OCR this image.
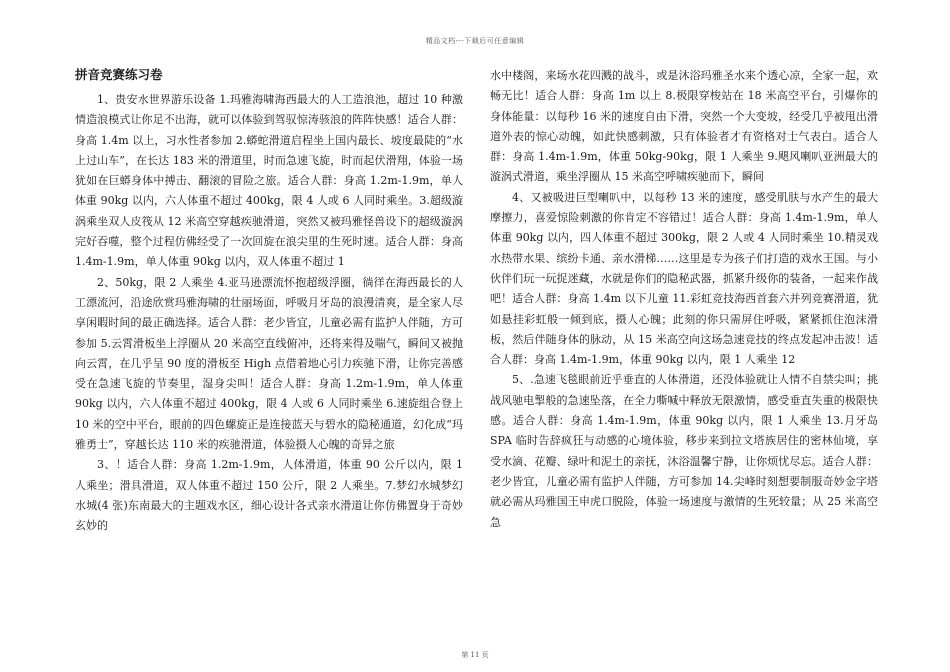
精品文档---下载后可任意编辑
拼音竞赛练习卷

1、贵安水世界游乐设备 1.玛雅海啸海西最大的人工造浪池，超过 10 种激情造浪模式让你足不出海，就可以体验到驾驭惊涛骇浪的阵阵快感！适合人群：身高 1.4m 以上，习水性者参加 2.蟒蛇滑道启程坐上国内最长、坡度最陡的“水上过山车”，在长达 183 米的滑道里，时而急速飞旋，时而起伏滑翔，体验一场犹如在巨蟒身体中搏击、翻滚的冒险之旅。适合人群：身高 1.2m-1.9m，单人体重 90kg 以内，六人体重不超过 400kg，限 4 人或 6 人同时乘坐。3.超级漩涡乘坐双人皮筏从 12 米高空穿越疾驰滑道，突然又被玛雅怪兽设下的超级漩涡完好吞噬，整个过程仿佛经受了一次回旋在浪尖里的生死时速。适合人群：身高 1.4m-1.9m，单人体重 90kg 以内，双人体重不超过 1

2、50kg，限 2 人乘坐 4.亚马逊漂流怀抱超级浮圈，徜徉在海西最长的人工漂流河，沿途欣赏玛雅海啸的壮丽场面，呼吸月牙岛的浪漫清爽，是全家人尽享闲暇时间的最正确选择。适合人群：老少皆宜，儿童必需有监护人伴随，方可参加 5.云霄滑板坐上浮圈从 20 米高空直线俯冲，还将来得及喘气，瞬间又被抛向云霄，在几乎呈 90 度的滑板至 High 点借着地心引力疾驰下滑，让你完善感受在急速飞旋的节奏里，湿身尖叫！适合人群：身高 1.2m-1.9m，单人体重 90kg 以内，六人体重不超过 400kg，限 4 人或 6 人同时乘坐 6.速旋组合登上 10 米的空中平台，眼前的四色螺旋正是连接蓝天与碧水的隐秘通道，幻化成“玛雅勇士”，穿越长达 110 米的疾驰滑道，体验摄人心魄的奇异之旅

3、！适合人群：身高 1.2m-1.9m，人体滑道，体重 90 公斤以内，限 1 人乘坐；滑具滑道，双人体重不超过 150 公斤，限 2 人乘坐。7.梦幻水城梦幻水城(4 张)东南最大的主题戏水区，细心设计各式亲水滑道让你仿佛置身于奇妙玄妙的

水中楼阁，来场水花四溅的战斗，或是沐浴玛雅圣水来个透心凉，全家一起，欢畅无比！适合人群：身高 1m 以上 8.极限穿梭站在 18 米高空平台，引爆你的身体能量：以每秒 16 米的速度自由下滑，突然一个大变坡，经受几乎被甩出滑道外表的惊心动魄，如此快感刺激，只有体验者才有资格对士气表白。适合人群：身高 1.4m-1.9m，体重 50kg-90kg，限 1 人乘坐 9.飓风喇叭亚洲最大的漩涡式滑道，乘坐浮圈从 15 米高空呼啸疾驰而下，瞬间

4、又被吸进巨型喇叭中，以每秒 13 米的速度，感受肌肤与水产生的最大摩擦力，喜爱惊险刺激的你肯定不容错过！适合人群：身高 1.4m-1.9m，单人体重 90kg 以内，四人体重不超过 300kg，限 2 人或 4 人同时乘坐 10.精灵戏水热带水果、缤纷卡通、亲水滑梯……这里是专为孩子们打造的戏水王国。与小伙伴们玩一玩捉迷藏，水就是你们的隐秘武器，抓紧升级你的装备，一起来作战吧！适合人群：身高 1.4m 以下儿童 11.彩虹竞技海西首套六并列竞赛滑道，犹如悬挂彩虹般一倾到底，摄人心魄；此刻的你只需屏住呼吸，紧紧抓住泡沫滑板，然后伴随身体的脉动，从 15 米高空向这场急速竞技的终点发起冲击波！适合人群：身高 1.4m-1.9m，体重 90kg 以内，限 1 人乘坐 12

5、.急速飞毯眼前近乎垂直的人体滑道，还没体验就让人情不自禁尖叫；挑战风驰电掣般的急速坠落，在全力嘶喊中释放无限激情，感受垂直失重的极限快感。适合人群：身高 1.4m-1.9m，体重 90kg 以内，限 1 人乘坐 13.月牙岛 SPA 临时告辞疯狂与动感的心境体验，移步来到拉文塔族居住的密林仙境，享受水滴、花瓣、绿叶和泥土的亲抚，沐浴温馨宁静，让你烦忧尽忘。适合人群：老少皆宜，儿童必需有监护人伴随，方可参加 14.尖峰时刻想要制服奇妙金字塔就必需从玛雅国王申虎口脱险，体验一场速度与激情的生死较量；从 25 米高空急

第 11 页
